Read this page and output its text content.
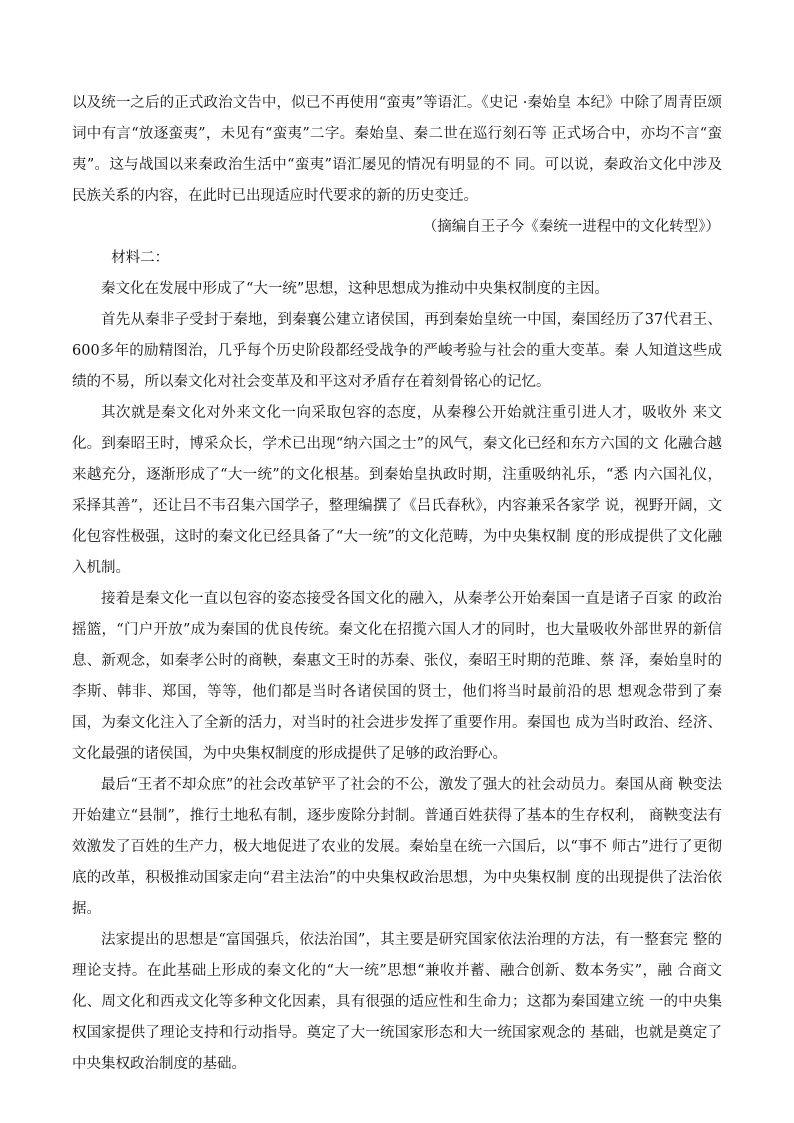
以及统一之后的正式政治文告中，似已不再使用“蛮夷”等语汇。《史记 ·秦始皇 本纪》中除了周青臣颂词中有言“放逐蛮夷”，未见有“蛮夷”二字。秦始皇、秦二世在巡行刻石等 正式场合中，亦均不言“蛮夷”。这与战国以来秦政治生活中“蛮夷”语汇屡见的情况有明显的不 同。可以说，秦政治文化中涉及民族关系的内容，在此时已出现适应时代要求的新的历史变迁。

（摘编自王子今《秦统一进程中的文化转型》）

材料二：

秦文化在发展中形成了“大一统”思想，这种思想成为推动中央集权制度的主因。

首先从秦非子受封于秦地，到秦襄公建立诸侯国，再到秦始皇统一中国，秦国经历了37代君王、600多年的励精图治，几乎每个历史阶段都经受战争的严峻考验与社会的重大变革。秦 人知道这些成绩的不易，所以秦文化对社会变革及和平这对矛盾存在着刻骨铭心的记忆。

其次就是秦文化对外来文化一向采取包容的态度，从秦穆公开始就注重引进人才，吸收外 来文化。到秦昭王时，博采众长，学术已出现“纳六国之士”的风气，秦文化已经和东方六国的文 化融合越来越充分，逐渐形成了“大一统”的文化根基。到秦始皇执政时期，注重吸纳礼乐，“悉 内六国礼仪，采择其善”，还让吕不韦召集六国学子，整理编撰了《吕氏春秋》，内容兼采各家学 说，视野开阔，文化包容性极强，这时的秦文化已经具备了“大一统”的文化范畴，为中央集权制 度的形成提供了文化融入机制。

接着是秦文化一直以包容的姿态接受各国文化的融入，从秦孝公开始秦国一直是诸子百家 的政治摇篮，“门户开放”成为秦国的优良传统。秦文化在招揽六国人才的同时，也大量吸收外部世界的新信息、新观念，如秦孝公时的商鞅，秦惠文王时的苏秦、张仪，秦昭王时期的范雎、蔡 泽，秦始皇时的李斯、韩非、郑国，等等，他们都是当时各诸侯国的贤士，他们将当时最前沿的思 想观念带到了秦国，为秦文化注入了全新的活力，对当时的社会进步发挥了重要作用。秦国也 成为当时政治、经济、文化最强的诸侯国，为中央集权制度的形成提供了足够的政治野心。

最后“王者不却众庶”的社会改革铲平了社会的不公，激发了强大的社会动员力。秦国从商 鞅变法开始建立“县制”，推行土地私有制，逐步废除分封制。普通百姓获得了基本的生存权利， 商鞅变法有效激发了百姓的生产力，极大地促进了农业的发展。秦始皇在统一六国后，以“事不 师古”进行了更彻底的改革，积极推动国家走向“君主法治”的中央集权政治思想，为中央集权制 度的出现提供了法治依据。

法家提出的思想是“富国强兵，依法治国”，其主要是研究国家依法治理的方法，有一整套完 整的理论支持。在此基础上形成的秦文化的“大一统”思想“兼收并蓄、融合创新、数本务实”，融 合商文化、周文化和西戎文化等多种文化因素，具有很强的适应性和生命力；这都为秦国建立统 一的中央集权国家提供了理论支持和行动指导。奠定了大一统国家形态和大一统国家观念的 基础，也就是奠定了中央集权政治制度的基础。
